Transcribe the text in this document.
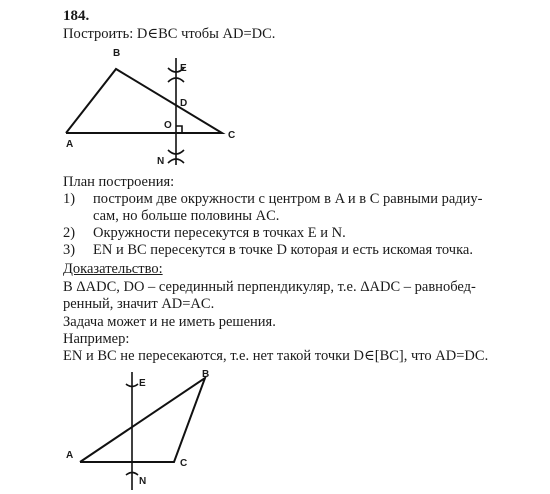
184.
Построить: D∈BC чтобы AD=DC.
B
E
D
O
C
A
N
План построения:
1) построим две окружности с центром в A и в C равными радиу-
сам, но больше половины AC.
2) Окружности пересекутся в точках E и N.
3) EN и BC пересекутся в точке D которая и есть искомая точка.
Доказательство:
В ΔADC, DO – серединный перпендикуляр, т.е. ΔADC – равнобед-
ренный, значит AD=AC.
Задача может и не иметь решения.
Например:
EN и BC не пересекаются, т.е. нет такой точки D∈[BC], что AD=DC.
E
B
A
C
N
